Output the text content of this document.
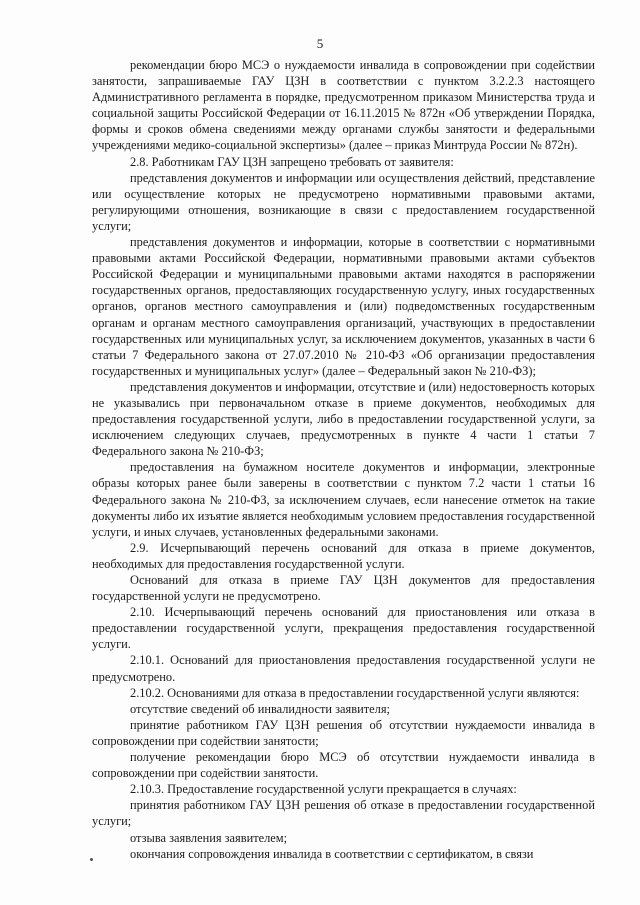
5

рекомендации бюро МСЭ о нуждаемости инвалида в сопровождении при содействии занятости, запрашиваемые ГАУ ЦЗН в соответствии с пунктом 3.2.2.3 настоящего Административного регламента в порядке, предусмотренном приказом Министерства труда и социальной защиты Российской Федерации от 16.11.2015 № 872н «Об утверждении Порядка, формы и сроков обмена сведениями между органами службы занятости и федеральными учреждениями медико-социальной экспертизы» (далее – приказ Минтруда России № 872н).

2.8. Работникам ГАУ ЦЗН запрещено требовать от заявителя:

представления документов и информации или осуществления действий, представление или осуществление которых не предусмотрено нормативными правовыми актами, регулирующими отношения, возникающие в связи с предоставлением государственной услуги;

представления документов и информации, которые в соответствии с нормативными правовыми актами Российской Федерации, нормативными правовыми актами субъектов Российской Федерации и муниципальными правовыми актами находятся в распоряжении государственных органов, предоставляющих государственную услугу, иных государственных органов, органов местного самоуправления и (или) подведомственных государственным органам и органам местного самоуправления организаций, участвующих в предоставлении государственных или муниципальных услуг, за исключением документов, указанных в части 6 статьи 7 Федерального закона от 27.07.2010 № 210-ФЗ «Об организации предоставления государственных и муниципальных услуг» (далее – Федеральный закон № 210-ФЗ);

представления документов и информации, отсутствие и (или) недостоверность которых не указывались при первоначальном отказе в приеме документов, необходимых для предоставления государственной услуги, либо в предоставлении государственной услуги, за исключением следующих случаев, предусмотренных в пункте 4 части 1 статьи 7 Федерального закона № 210-ФЗ;

предоставления на бумажном носителе документов и информации, электронные образы которых ранее были заверены в соответствии с пунктом 7.2 части 1 статьи 16 Федерального закона № 210-ФЗ, за исключением случаев, если нанесение отметок на такие документы либо их изъятие является необходимым условием предоставления государственной услуги, и иных случаев, установленных федеральными законами.

2.9. Исчерпывающий перечень оснований для отказа в приеме документов, необходимых для предоставления государственной услуги.

Оснований для отказа в приеме ГАУ ЦЗН документов для предоставления государственной услуги не предусмотрено.

2.10. Исчерпывающий перечень оснований для приостановления или отказа в предоставлении государственной услуги, прекращения предоставления государственной услуги.

2.10.1. Оснований для приостановления предоставления государственной услуги не предусмотрено.

2.10.2. Основаниями для отказа в предоставлении государственной услуги являются:

отсутствие сведений об инвалидности заявителя;

принятие работником ГАУ ЦЗН решения об отсутствии нуждаемости инвалида в сопровождении при содействии занятости;

получение рекомендации бюро МСЭ об отсутствии нуждаемости инвалида в сопровождении при содействии занятости.

2.10.3. Предоставление государственной услуги прекращается в случаях:

принятия работником ГАУ ЦЗН решения об отказе в предоставлении государственной услуги;

отзыва заявления заявителем;

окончания сопровождения инвалида в соответствии с сертификатом, в связи
